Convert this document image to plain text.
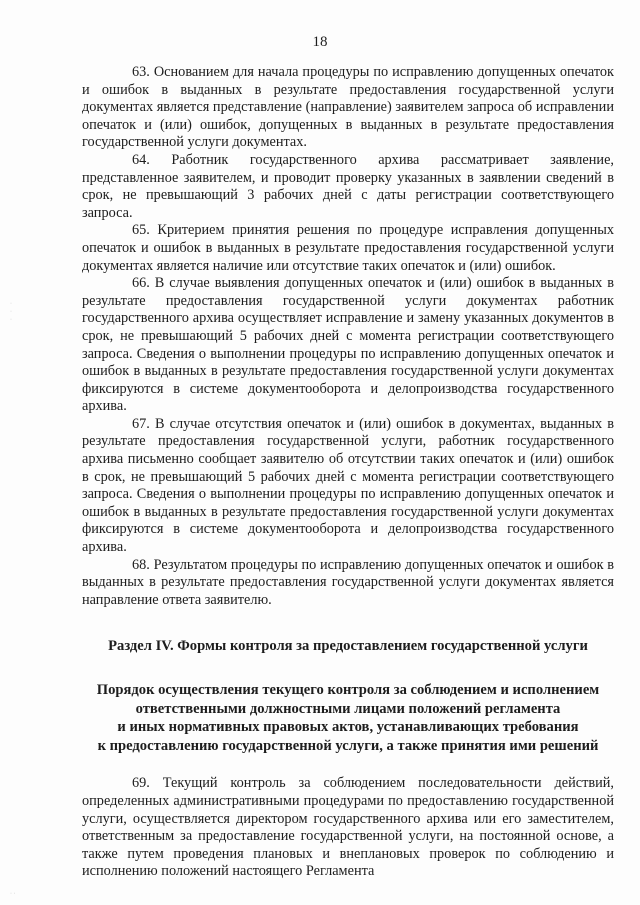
18
·
·
·
· ·

63. Основанием для начала процедуры по исправлению допущенных опечаток и ошибок в выданных в результате предоставления государственной услуги документах является представление (направление) заявителем запроса об исправлении опечаток и (или) ошибок, допущенных в выданных в результате предоставления государственной услуги документах.

64. Работник государственного архива рассматривает заявление, представленное заявителем, и проводит проверку указанных в заявлении сведений в срок, не превышающий 3 рабочих дней с даты регистрации соответствующего запроса.

65. Критерием принятия решения по процедуре исправления допущенных опечаток и ошибок в выданных в результате предоставления государственной услуги документах является наличие или отсутствие таких опечаток и (или) ошибок.

66. В случае выявления допущенных опечаток и (или) ошибок в выданных в результате предоставления государственной услуги документах работник государственного архива осуществляет исправление и замену указанных документов в срок, не превышающий 5 рабочих дней с момента регистрации соответствующего запроса. Сведения о выполнении процедуры по исправлению допущенных опечаток и ошибок в выданных в результате предоставления государственной услуги документах фиксируются в системе документооборота и делопроизводства государственного архива.

67. В случае отсутствия опечаток и (или) ошибок в документах, выданных в результате предоставления государственной услуги, работник государственного архива письменно сообщает заявителю об отсутствии таких опечаток и (или) ошибок в срок, не превышающий 5 рабочих дней с момента регистрации соответствующего запроса. Сведения о выполнении процедуры по исправлению допущенных опечаток и ошибок в выданных в результате предоставления государственной услуги документах фиксируются в системе документооборота и делопроизводства государственного архива.

68. Результатом процедуры по исправлению допущенных опечаток и ошибок в выданных в результате предоставления государственной услуги документах является направление ответа заявителю.

Раздел IV. Формы контроля за предоставлением государственной услуги
Порядок осуществления текущего контроля за соблюдением и исполнением
ответственными должностными лицами положений регламента
и иных нормативных правовых актов, устанавливающих требования
к предоставлению государственной услуги, а также принятия ими решений

69. Текущий контроль за соблюдением последовательности действий, определенных административными процедурами по предоставлению государственной услуги, осуществляется директором государственного архива или его заместителем, ответственным за предоставление государственной услуги, на постоянной основе, а также путем проведения плановых и внеплановых проверок по соблюдению и исполнению положений настоящего Регламента
